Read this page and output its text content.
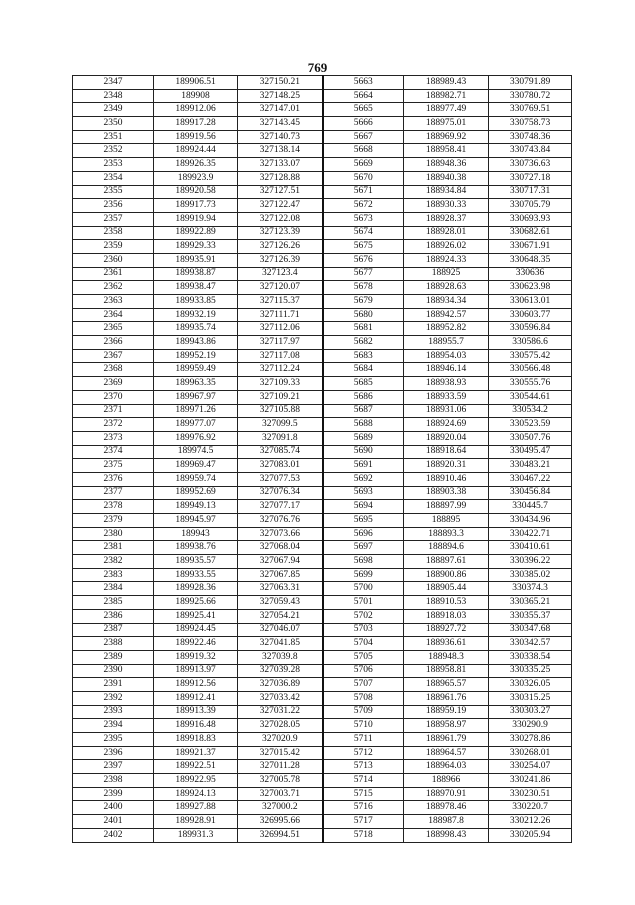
769
2347	189906.51	327150.21	5663	188989.43	330791.89
2348	189908	327148.25	5664	188982.71	330780.72
2349	189912.06	327147.01	5665	188977.49	330769.51
2350	189917.28	327143.45	5666	188975.01	330758.73
2351	189919.56	327140.73	5667	188969.92	330748.36
2352	189924.44	327138.14	5668	188958.41	330743.84
2353	189926.35	327133.07	5669	188948.36	330736.63
2354	189923.9	327128.88	5670	188940.38	330727.18
2355	189920.58	327127.51	5671	188934.84	330717.31
2356	189917.73	327122.47	5672	188930.33	330705.79
2357	189919.94	327122.08	5673	188928.37	330693.93
2358	189922.89	327123.39	5674	188928.01	330682.61
2359	189929.33	327126.26	5675	188926.02	330671.91
2360	189935.91	327126.39	5676	188924.33	330648.35
2361	189938.87	327123.4	5677	188925	330636
2362	189938.47	327120.07	5678	188928.63	330623.98
2363	189933.85	327115.37	5679	188934.34	330613.01
2364	189932.19	327111.71	5680	188942.57	330603.77
2365	189935.74	327112.06	5681	188952.82	330596.84
2366	189943.86	327117.97	5682	188955.7	330586.6
2367	189952.19	327117.08	5683	188954.03	330575.42
2368	189959.49	327112.24	5684	188946.14	330566.48
2369	189963.35	327109.33	5685	188938.93	330555.76
2370	189967.97	327109.21	5686	188933.59	330544.61
2371	189971.26	327105.88	5687	188931.06	330534.2
2372	189977.07	327099.5	5688	188924.69	330523.59
2373	189976.92	327091.8	5689	188920.04	330507.76
2374	189974.5	327085.74	5690	188918.64	330495.47
2375	189969.47	327083.01	5691	188920.31	330483.21
2376	189959.74	327077.53	5692	188910.46	330467.22
2377	189952.69	327076.34	5693	188903.38	330456.84
2378	189949.13	327077.17	5694	188897.99	330445.7
2379	189945.97	327076.76	5695	188895	330434.96
2380	189943	327073.66	5696	188893.3	330422.71
2381	189938.76	327068.04	5697	188894.6	330410.61
2382	189935.57	327067.94	5698	188897.61	330396.22
2383	189933.55	327067.85	5699	188900.86	330385.02
2384	189928.36	327063.31	5700	188905.44	330374.3
2385	189925.66	327059.43	5701	188910.53	330365.21
2386	189925.41	327054.21	5702	188918.03	330355.37
2387	189924.45	327046.07	5703	188927.72	330347.68
2388	189922.46	327041.85	5704	188936.61	330342.57
2389	189919.32	327039.8	5705	188948.3	330338.54
2390	189913.97	327039.28	5706	188958.81	330335.25
2391	189912.56	327036.89	5707	188965.57	330326.05
2392	189912.41	327033.42	5708	188961.76	330315.25
2393	189913.39	327031.22	5709	188959.19	330303.27
2394	189916.48	327028.05	5710	188958.97	330290.9
2395	189918.83	327020.9	5711	188961.79	330278.86
2396	189921.37	327015.42	5712	188964.57	330268.01
2397	189922.51	327011.28	5713	188964.03	330254.07
2398	189922.95	327005.78	5714	188966	330241.86
2399	189924.13	327003.71	5715	188970.91	330230.51
2400	189927.88	327000.2	5716	188978.46	330220.7
2401	189928.91	326995.66	5717	188987.8	330212.26
2402	189931.3	326994.51	5718	188998.43	330205.94
